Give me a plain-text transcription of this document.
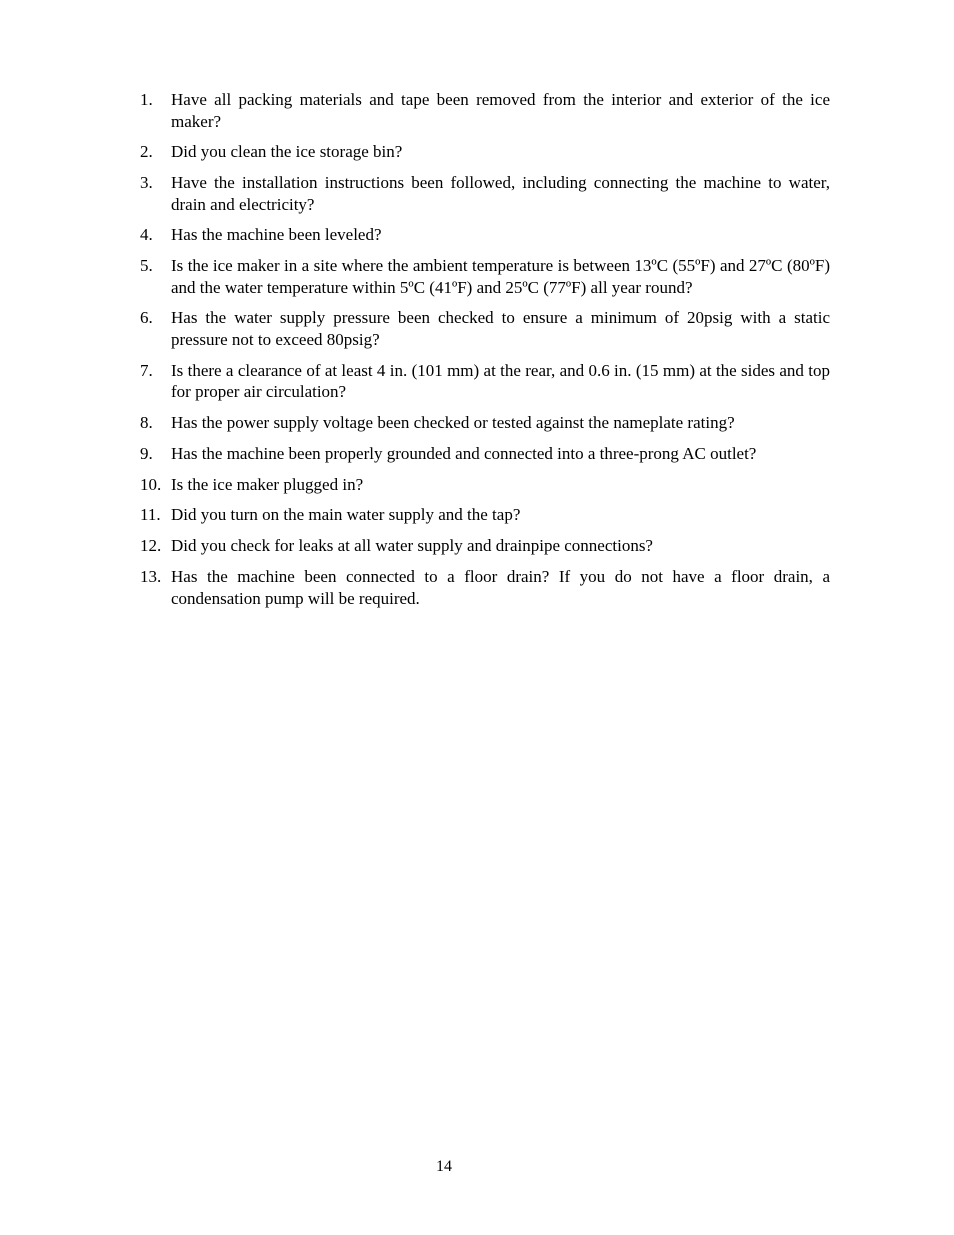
1. Have all packing materials and tape been removed from the interior and exterior of the ice maker?
2. Did you clean the ice storage bin?
3. Have the installation instructions been followed, including connecting the machine to water, drain and electricity?
4. Has the machine been leveled?
5. Is the ice maker in a site where the ambient temperature is between 13ºC (55ºF) and 27ºC (80ºF) and the water temperature within 5ºC (41ºF) and 25ºC (77ºF) all year round?
6. Has the water supply pressure been checked to ensure a minimum of 20psig with a static pressure not to exceed 80psig?
7. Is there a clearance of at least 4 in. (101 mm) at the rear, and 0.6 in. (15 mm) at the sides and top for proper air circulation?
8. Has the power supply voltage been checked or tested against the nameplate rating?
9. Has the machine been properly grounded and connected into a three-prong AC outlet?
10. Is the ice maker plugged in?
11. Did you turn on the main water supply and the tap?
12. Did you check for leaks at all water supply and drainpipe connections?
13. Has the machine been connected to a floor drain? If you do not have a floor drain, a condensation pump will be required.
14
